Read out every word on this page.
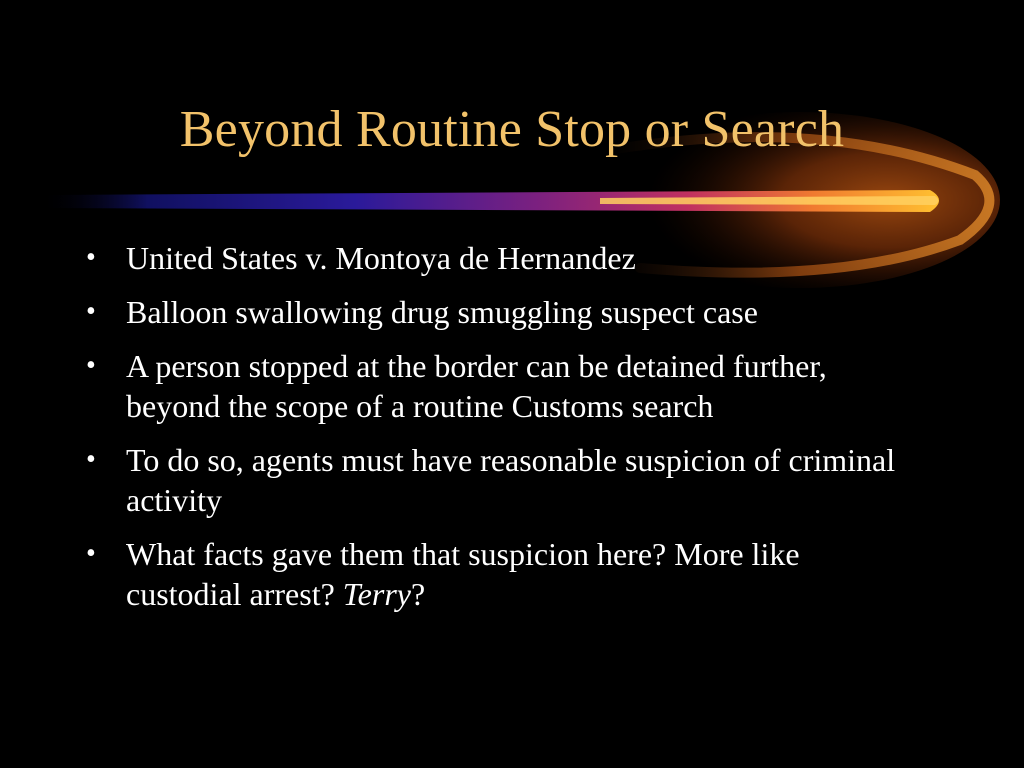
Beyond Routine Stop or Search
• United States v. Montoya de Hernandez
• Balloon swallowing drug smuggling suspect case
• A person stopped at the border can be detained further, beyond the scope of a routine Customs search
• To do so, agents must have reasonable suspicion of criminal activity
• What facts gave them that suspicion here? More like custodial arrest? Terry?
